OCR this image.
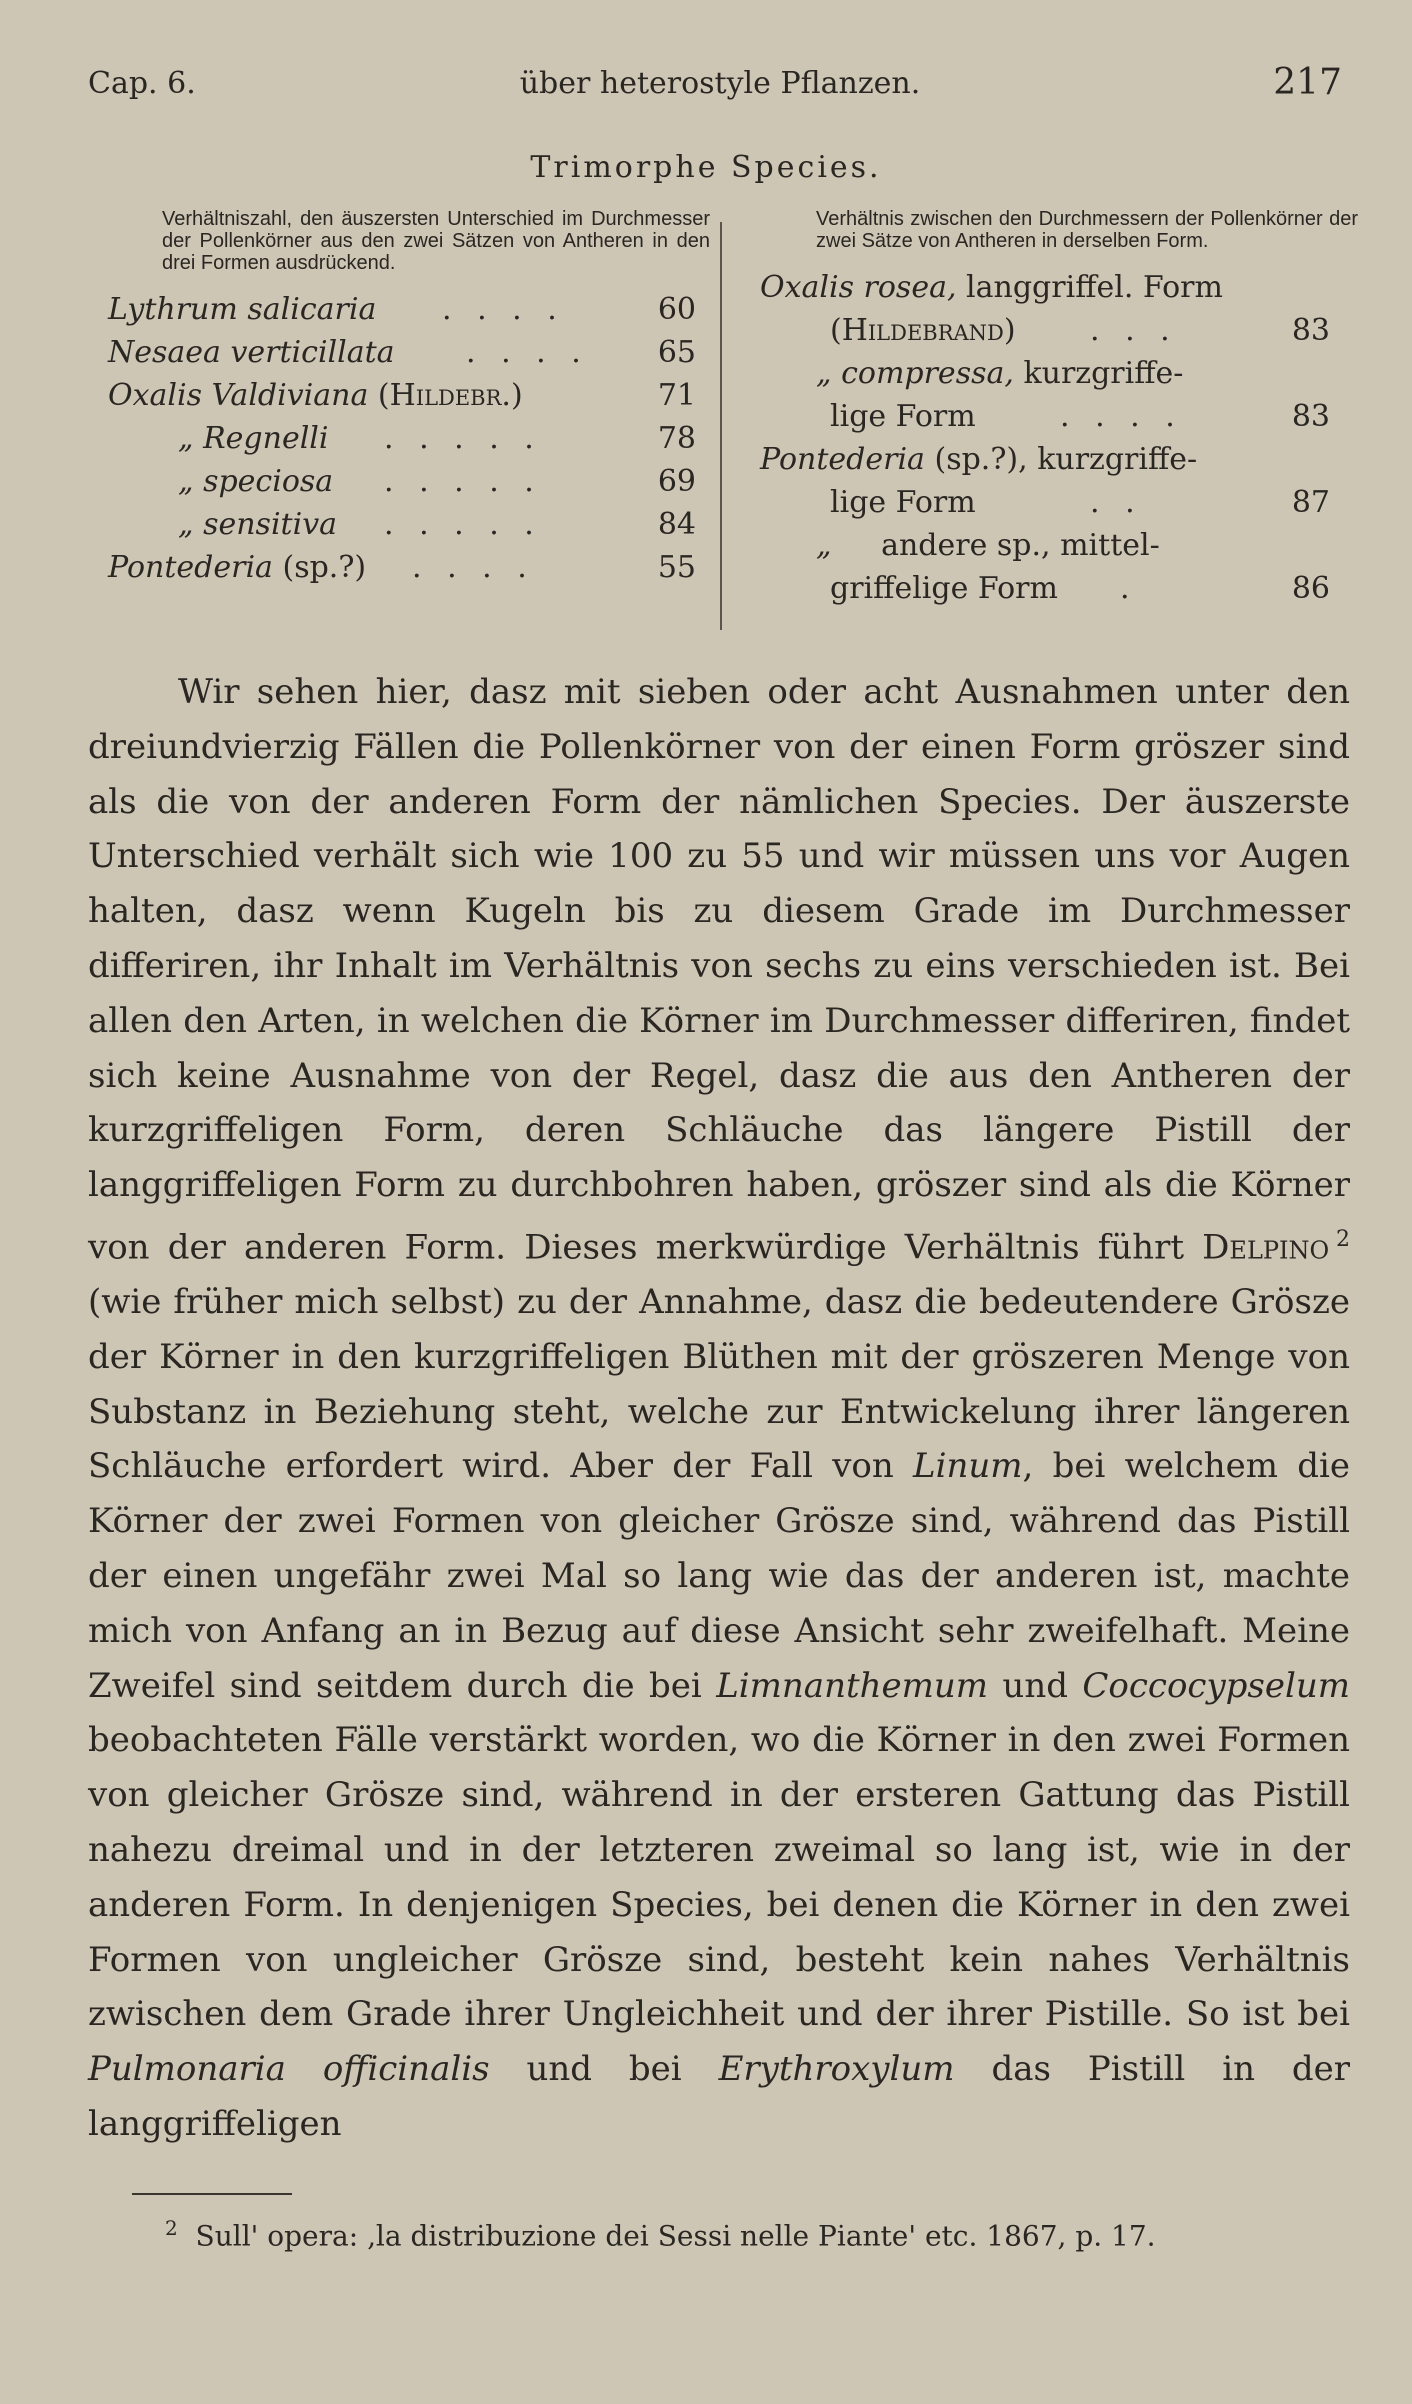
Cap. 6.	über heterostyle Pflanzen.	217
Trimorphe Species.

Verhältniszahl, den äuszersten Unterschied im Durchmesser der Pollenkörner aus den zwei Sätzen von Antheren in den drei Formen ausdrückend.

Lythrum salicaria . . . .	60
Nesaea verticillata . . . . 65
Oxalis Valdiviana (Hildebr.)	71
„ Regnelli . . . . .	78
„ speciosa . . . . .	69
„ sensitiva . . . . .	84
Pontederia (sp.?) . . . .	55

Verhältnis zwischen den Durchmessern der Pollenkörner der zwei Sätze von Antheren in derselben Form.

Oxalis rosea, langgriffel. Form
(Hildebrand) . . .	83
„ compressa, kurzgriffe-
lige Form	. . . .	83
Pontederia (sp.?), kurzgriffe-
lige Form	. .	87
„ andere sp., mittel-
griffelige Form .	86

Wir sehen hier, dasz mit sieben oder acht Ausnahmen unter den dreiundvierzig Fällen die Pollenkörner von der einen Form gröszer sind als die von der anderen Form der nämlichen Species. Der äuszerste Unterschied verhält sich wie 100 zu 55 und wir müssen uns vor Augen halten, dasz wenn Kugeln bis zu diesem Grade im Durchmesser differiren, ihr Inhalt im Verhältnis von sechs zu eins verschieden ist. Bei allen den Arten, in welchen die Körner im Durchmesser differiren, findet sich keine Ausnahme von der Regel, dasz die aus den Antheren der kurzgriffeligen Form, deren Schläuche das längere Pistill der langgriffeligen Form zu durchbohren haben, gröszer sind als die Körner von der anderen Form. Dieses merkwürdige Verhältnis führt Delpino  $^2$ (wie früher mich selbst) zu der Annahme, dasz die bedeutendere Grösze der Körner in den kurzgriffeligen Blüthen mit der gröszeren Menge von Substanz in Beziehung steht, welche zur Entwickelung ihrer längeren Schläuche erfordert wird. Aber der Fall von Linum, bei welchem die Körner der zwei Formen von gleicher Grösze sind, während das Pistill der einen ungefähr zwei Mal so lang wie das der anderen ist, machte mich von Anfang an in Bezug auf diese Ansicht sehr zweifelhaft. Meine Zweifel sind seitdem durch die bei Limnanthemum und Coccocypselum beobachteten Fälle verstärkt worden, wo die Körner in den zwei Formen von gleicher Grösze sind, während in der ersteren Gattung das Pistill nahezu dreimal und in der letzteren zweimal so lang ist, wie in der anderen Form. In denjenigen Species, bei denen die Körner in den zwei Formen von ungleicher Grösze sind, besteht kein nahes Verhältnis zwischen dem Grade ihrer Ungleichheit und der ihrer Pistille. So ist bei Pulmonaria officinalis und bei Erythroxylum das Pistill in der langgriffeligen

$^2$ Sull' opera: ‚la distribuzione dei Sessi nelle Piante' etc. 1867, p. 17.
